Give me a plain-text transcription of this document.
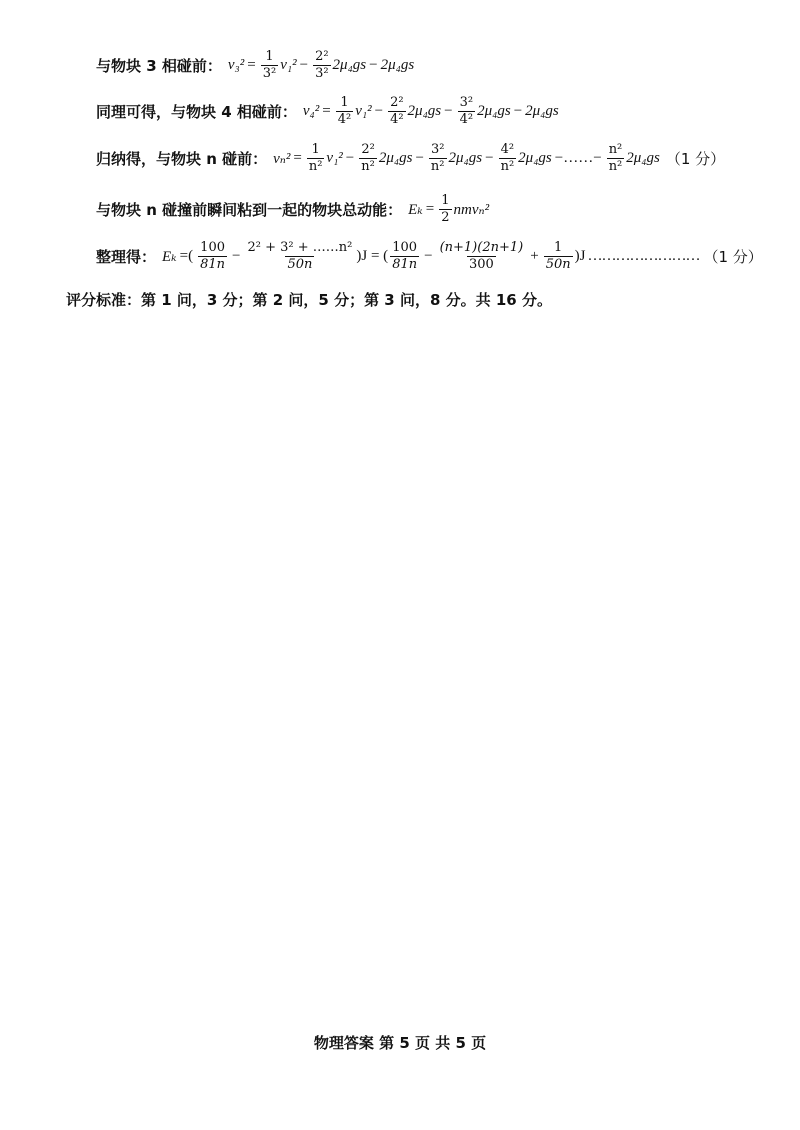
与物块 3 相碰前： $v_3^2 = \frac{1}{\text{3²}} v_1^2 - \frac{\text{2²}}{\text{3²}} 2\mu_4gs - 2\mu_4gs$
同理可得，与物块 4 相碰前： $v_4^2 = \frac{1}{\text{4²}} v_1^2 - \frac{\text{2²}}{\text{4²}} 2\mu_4gs - \frac{\text{3²}}{\text{4²}} 2\mu_4gs - 2\mu_4gs$
归纳得，与物块 n 碰前： $v_n^2 = \frac{1}{\text{n²}} v_1^2 - \frac{\text{2²}}{\text{n²}} 2\mu_4gs - \frac{\text{3²}}{\text{n²}} 2\mu_4gs - \frac{\text{4²}}{\text{n²}} 2\mu_4gs$ −……− $\frac{\text{n²}}{\text{n²}} 2\mu_4gs$ （1 分）
与物块 n 碰撞前瞬间粘到一起的物块总动能： $E_k = \frac{1}{2} nmv_n^2$
整理得： Eₖ =( $\frac{100}{81n} - \frac{\text{2² + 3² + ……n²}}{50n} )J$ = ( $\frac{100}{81n} - \frac{(n+1)(2n+1)}{300} + \frac{1}{50n} )J$ …………………… （1 分）
评分标准：第 1 问，3 分；第 2 问，5 分；第 3 问，8 分。共 16 分。
物理答案 第 5 页 共 5 页
